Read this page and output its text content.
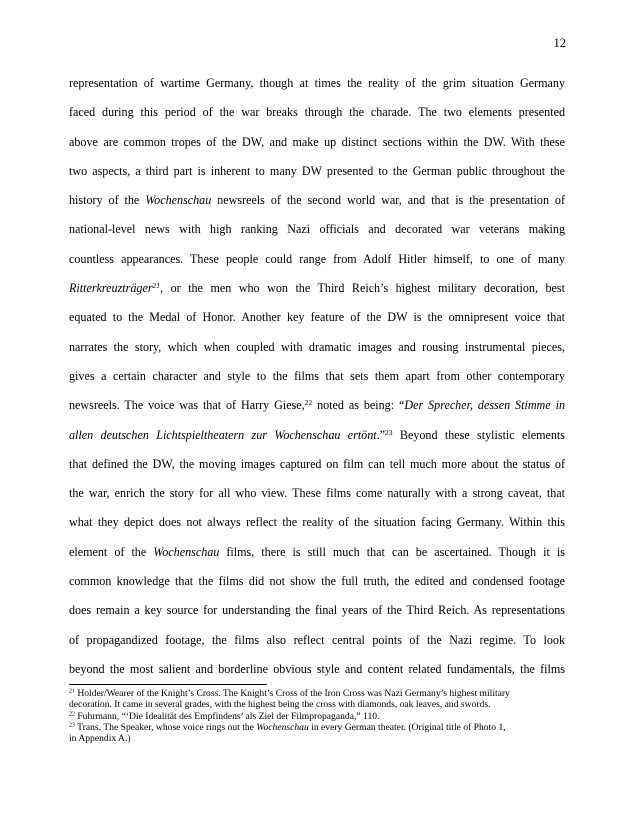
12
representation of wartime Germany, though at times the reality of the grim situation Germany
faced during this period of the war breaks through the charade. The two elements presented
above are common tropes of the DW, and make up distinct sections within the DW. With these
two aspects, a third part is inherent to many DW presented to the German public throughout the
history of the Wochenschau newsreels of the second world war, and that is the presentation of
national-level news with high ranking Nazi officials and decorated war veterans making
countless appearances. These people could range from Adolf Hitler himself, to one of many
Ritterkreuzträger$^{21}$, or the men who won the Third Reich’s highest military decoration, best
equated to the Medal of Honor. Another key feature of the DW is the omnipresent voice that
narrates the story, which when coupled with dramatic images and rousing instrumental pieces,
gives a certain character and style to the films that sets them apart from other contemporary
newsreels. The voice was that of Harry Giese,$^{22}$ noted as being: “Der Sprecher, dessen Stimme in
allen deutschen Lichtspieltheatern zur Wochenschau ertönt.”$^{23}$ Beyond these stylistic elements
that defined the DW, the moving images captured on film can tell much more about the status of
the war, enrich the story for all who view. These films come naturally with a strong caveat, that
what they depict does not always reflect the reality of the situation facing Germany. Within this
element of the Wochenschau films, there is still much that can be ascertained. Though it is
common knowledge that the films did not show the full truth, the edited and condensed footage
does remain a key source for understanding the final years of the Third Reich. As representations
of propagandized footage, the films also reflect central points of the Nazi regime. To look
beyond the most salient and borderline obvious style and content related fundamentals, the films
$^{21}$ Holder/Wearer of the Knight’s Cross. The Knight’s Cross of the Iron Cross was Nazi Germany’s highest military
decoration. It came in several grades, with the highest being the cross with diamonds, oak leaves, and swords.
$^{22}$ Fuhrmann, “‘Die Idealität des Empfindens’ als Ziel der Filmpropaganda,” 110.
$^{23}$ Trans. The Speaker, whose voice rings out the Wochenschau in every German theater. (Original title of Photo 1,
in Appendix A.)
